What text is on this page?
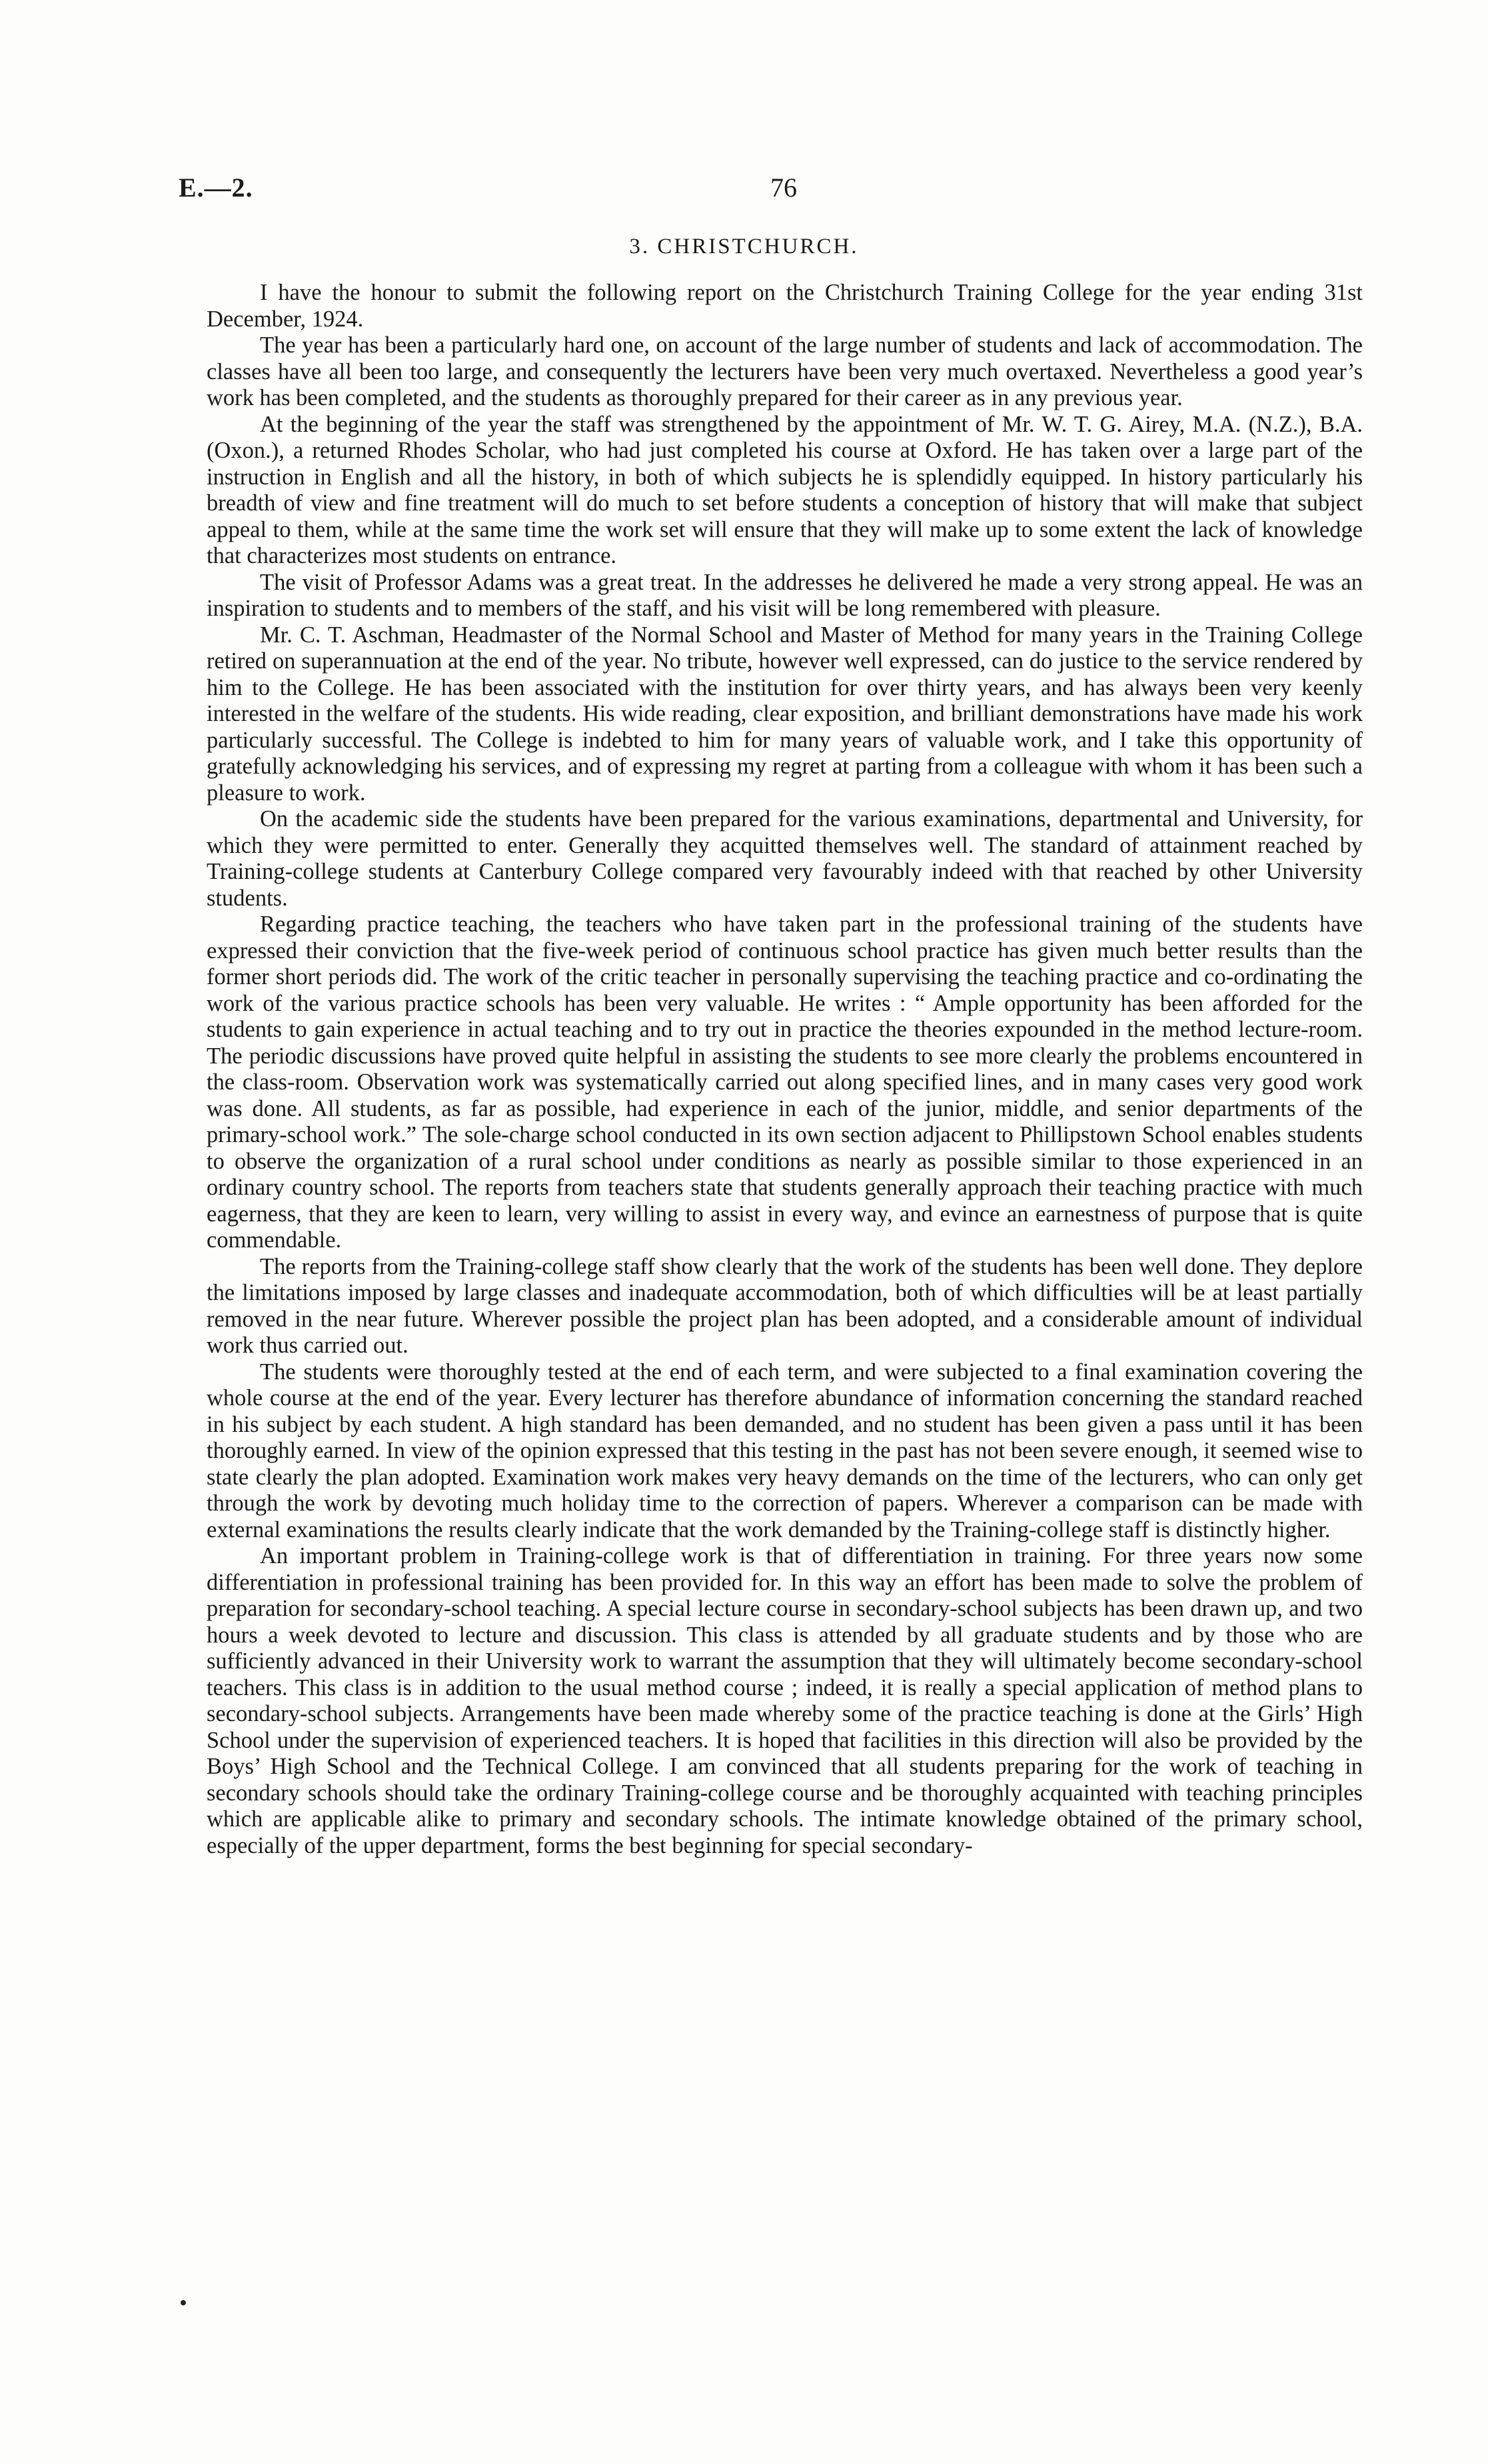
E.—2.	76
3. CHRISTCHURCH.

I have the honour to submit the following report on the Christchurch Training College for the year ending 31st December, 1924.

The year has been a particularly hard one, on account of the large number of students and lack of accommodation. The classes have all been too large, and consequently the lecturers have been very much overtaxed. Nevertheless a good year’s work has been completed, and the students as thoroughly prepared for their career as in any previous year.

At the beginning of the year the staff was strengthened by the appointment of Mr. W. T. G. Airey, M.A. (N.Z.), B.A. (Oxon.), a returned Rhodes Scholar, who had just completed his course at Oxford. He has taken over a large part of the instruction in English and all the history, in both of which subjects he is splendidly equipped. In history particularly his breadth of view and fine treatment will do much to set before students a conception of history that will make that subject appeal to them, while at the same time the work set will ensure that they will make up to some extent the lack of knowledge that characterizes most students on entrance.

The visit of Professor Adams was a great treat. In the addresses he delivered he made a very strong appeal. He was an inspiration to students and to members of the staff, and his visit will be long remembered with pleasure.

Mr. C. T. Aschman, Headmaster of the Normal School and Master of Method for many years in the Training College retired on superannuation at the end of the year. No tribute, however well expressed, can do justice to the service rendered by him to the College. He has been associated with the institution for over thirty years, and has always been very keenly interested in the welfare of the students. His wide reading, clear exposition, and brilliant demonstrations have made his work particularly successful. The College is indebted to him for many years of valuable work, and I take this opportunity of gratefully acknowledging his services, and of expressing my regret at parting from a colleague with whom it has been such a pleasure to work.

On the academic side the students have been prepared for the various examinations, departmental and University, for which they were permitted to enter. Generally they acquitted themselves well. The standard of attainment reached by Training-college students at Canterbury College compared very favourably indeed with that reached by other University students.

Regarding practice teaching, the teachers who have taken part in the professional training of the students have expressed their conviction that the five-week period of continuous school practice has given much better results than the former short periods did. The work of the critic teacher in personally supervising the teaching practice and co-ordinating the work of the various practice schools has been very valuable. He writes : “ Ample opportunity has been afforded for the students to gain experience in actual teaching and to try out in practice the theories expounded in the method lecture-room. The periodic discussions have proved quite helpful in assisting the students to see more clearly the problems encountered in the class-room. Observation work was systematically carried out along specified lines, and in many cases very good work was done. All students, as far as possible, had experience in each of the junior, middle, and senior departments of the primary-school work.” The sole-charge school conducted in its own section adjacent to Phillipstown School enables students to observe the organization of a rural school under conditions as nearly as possible similar to those experienced in an ordinary country school. The reports from teachers state that students generally approach their teaching practice with much eagerness, that they are keen to learn, very willing to assist in every way, and evince an earnestness of purpose that is quite commendable.

The reports from the Training-college staff show clearly that the work of the students has been well done. They deplore the limitations imposed by large classes and inadequate accommodation, both of which difficulties will be at least partially removed in the near future. Wherever possible the project plan has been adopted, and a considerable amount of individual work thus carried out.

The students were thoroughly tested at the end of each term, and were subjected to a final examination covering the whole course at the end of the year. Every lecturer has therefore abundance of information concerning the standard reached in his subject by each student. A high standard has been demanded, and no student has been given a pass until it has been thoroughly earned. In view of the opinion expressed that this testing in the past has not been severe enough, it seemed wise to state clearly the plan adopted. Examination work makes very heavy demands on the time of the lecturers, who can only get through the work by devoting much holiday time to the correction of papers. Wherever a comparison can be made with external examinations the results clearly indicate that the work demanded by the Training-college staff is distinctly higher.

An important problem in Training-college work is that of differentiation in training. For three years now some differentiation in professional training has been provided for. In this way an effort has been made to solve the problem of preparation for secondary-school teaching. A special lecture course in secondary-school subjects has been drawn up, and two hours a week devoted to lecture and discussion. This class is attended by all graduate students and by those who are sufficiently advanced in their University work to warrant the assumption that they will ultimately become secondary-school teachers. This class is in addition to the usual method course ; indeed, it is really a special application of method plans to secondary-school subjects. Arrangements have been made whereby some of the practice teaching is done at the Girls’ High School under the supervision of experienced teachers. It is hoped that facilities in this direction will also be provided by the Boys’ High School and the Technical College. I am convinced that all students preparing for the work of teaching in secondary schools should take the ordinary Training-college course and be thoroughly acquainted with teaching principles which are applicable alike to primary and secondary schools. The intimate knowledge obtained of the primary school, especially of the upper department, forms the best beginning for special secondary-
